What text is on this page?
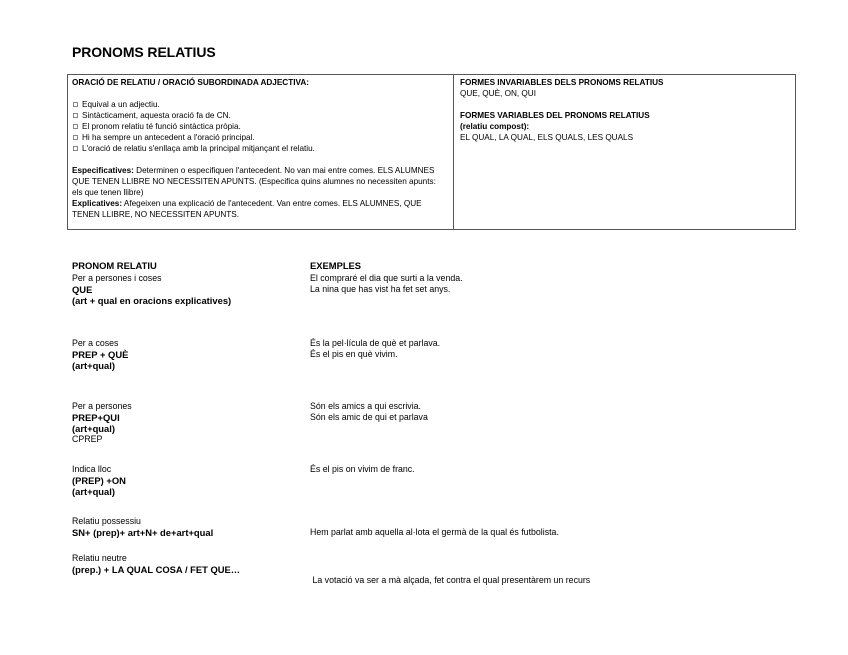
PRONOMS RELATIUS
ORACIÓ DE RELATIU / ORACIÓ SUBORDINADA ADJECTIVA:
Equival a un adjectiu.
Sintàcticament, aquesta oració fa de CN.
El pronom relatiu té funció sintàctica pròpia.
Hi ha sempre un antecedent a l'oració principal.
L'oració de relatiu s'enllaça amb la principal mitjançant el relatiu.
Especificatives: Determinen o especifiquen l'antecedent. No van mai entre comes. ELS ALUMNES QUE TENEN LLIBRE NO NECESSITEN APUNTS. (Especifica quins alumnes no necessiten apunts: els que tenen llibre)
Explicatives: Afegeixen una explicació de l'antecedent. Van entre comes. ELS ALUMNES, QUE TENEN LLIBRE, NO NECESSITEN APUNTS.
FORMES INVARIABLES DELS PRONOMS RELATIUS
QUE, QUÈ, ON, QUI
FORMES VARIABLES DEL PRONOMS RELATIUS
(relatiu compost):
EL QUAL, LA QUAL, ELS QUALS, LES QUALS
PRONOM RELATIU	EXEMPLES
Per a persones i coses
QUE
(art + qual en oracions explicatives)
El compraré el dia que surti a la venda.
La nina que has vist ha fet set anys.
Per a coses
PREP + QUÈ
(art+qual)
És la pel·lícula de què et parlava.
És el pis en què vivim.
Per a persones
PREP+QUI
(art+qual)
CPREP
Són els amics a qui escrivia.
Són els amic de qui et parlava
Indica lloc
(PREP) +ON
(art+qual)
És el pis on vivim de franc.
Relatiu possessiu
SN+ (prep)+ art+N+ de+art+qual	Hem parlat amb aquella al·lota el germà de la qual és futbolista.
Relatiu neutre
(prep.) + LA QUAL COSA / FET QUE…

La votació va ser a mà alçada, fet contra el qual presentàrem un recurs
